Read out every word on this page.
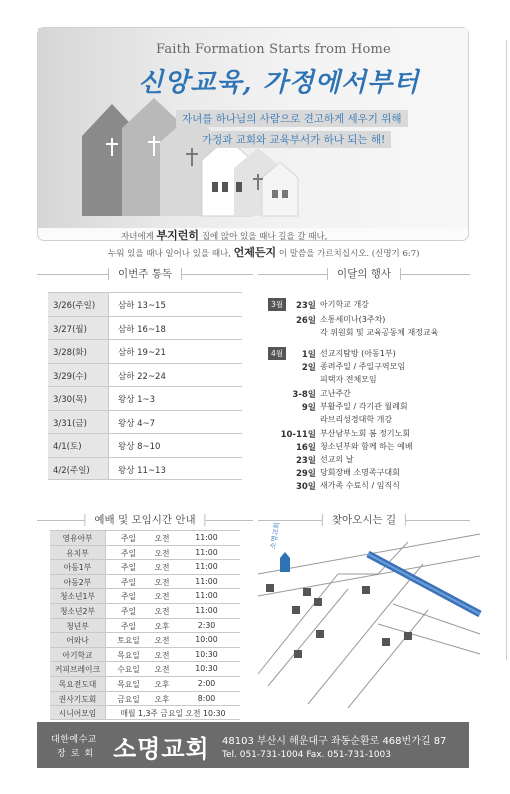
Faith Formation Starts from Home
신앙교육, 가정에서부터
자녀를 하나님의 사람으로 견고하게 세우기 위해
가정과 교회와 교육부서가 하나 되는 해!
자녀에게 부지런히 집에 앉아 있을 때나 길을 갈 때나,
누워 있을 때나 일어나 있을 때나, 언제든지 이 말씀을 가르치십시오. (신명기 6:7)
이번주 통독
3/26(주일)	삼하 13~15
3/27(월)	삼하 16~18
3/28(화)	삼하 19~21
3/29(수)	삼하 22~24
3/30(목)	왕상 1~3
3/31(금)	왕상 4~7
4/1(토)	왕상 8~10
4/2(주일)	왕상 11~13
이달의 행사
3월	23일 아기학교 개강
26일 소통세미나(3주차)
각 위원회 및 교육공동체 재정교육
4월	1일 선교지탐방 (아동1부)
2일 종려주일 / 주일구역모임
피택자 전체모임
3-8일 고난주간
9일 부활주일 / 각기관 월례회
라브리성경대학 개강
10-11일 부산남부노회 봄 정기노회
16일 청소년부와 함께 하는 예배
23일 선교의 날
29일 당회장배 소명족구대회
30일 새가족 수료식 / 임직식
예배 및 모임시간 안내
영유아부	주일	오전	11:00
유치부	주일	오전	11:00
아동1부	주일	오전	11:00
아동2부	주일	오전	11:00
청소년1부	주일	오전	11:00
청소년2부	주일	오전	11:00
청년부	주일	오후	2:30
어와나	토요일	오전	10:00
아기학교	목요일	오전	10:30
커피브레이크	수요일	오전	10:30
목요전도대	목요일	오후	2:00
권사기도회	금요일	오후	8:00
시니어모임	매월 1,3주 금요일 오전 10:30
찾아오시는 길
소명교회
대한예수교
장로회 소명교회 48103 부산시 해운대구 좌동순환로 468번가길 87
Tel. 051-731-1004 Fax. 051-731-1003
